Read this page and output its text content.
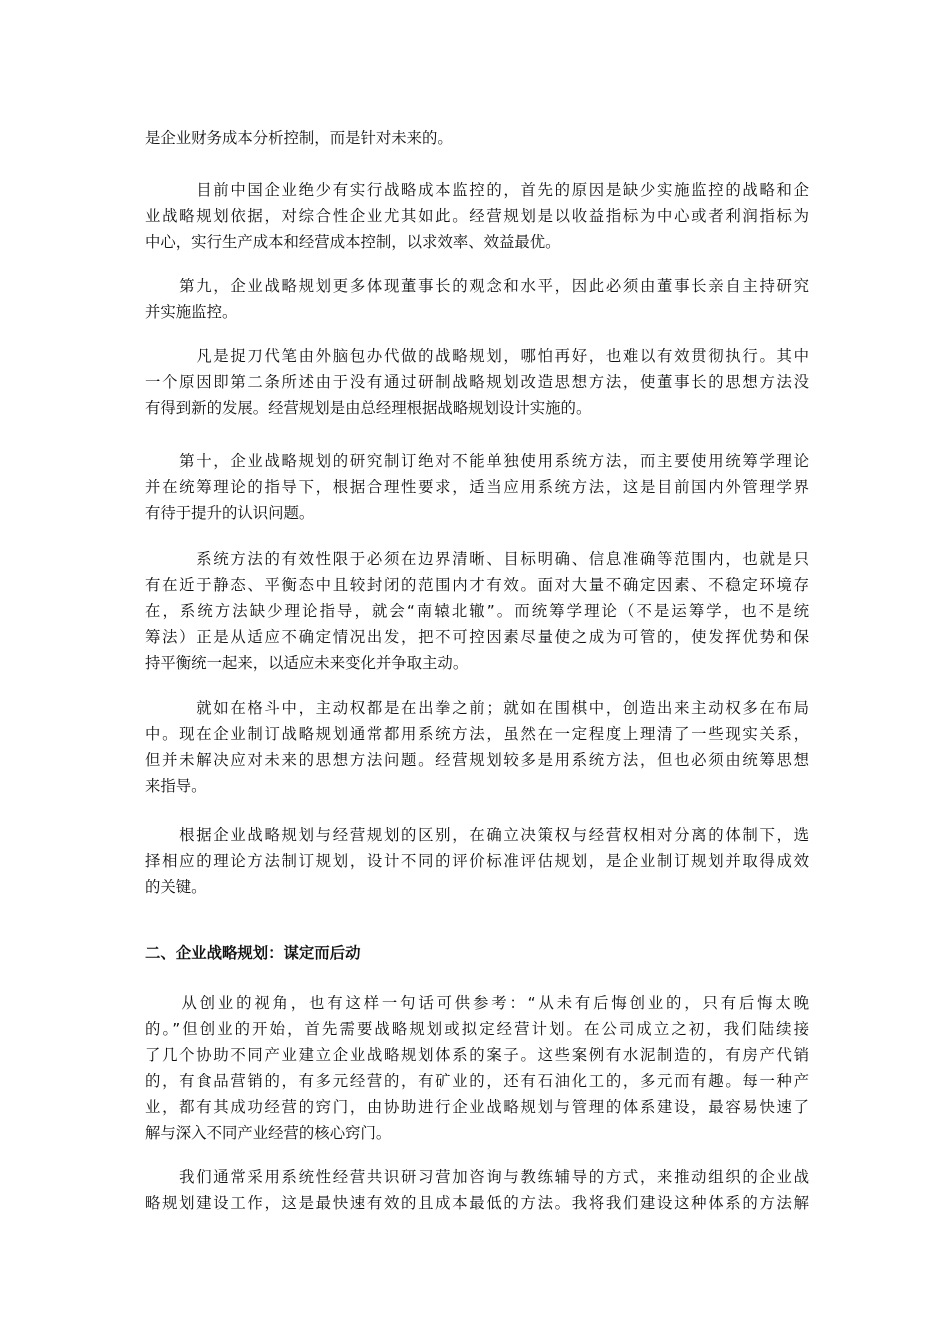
是企业财务成本分析控制，而是针对未来的。
　　　目前中国企业绝少有实行战略成本监控的，首先的原因是缺少实施监控的战略和企
业战略规划依据，对综合性企业尤其如此。经营规划是以收益指标为中心或者利润指标为
中心，实行生产成本和经营成本控制，以求效率、效益最优。
　　第九，企业战略规划更多体现董事长的观念和水平，因此必须由董事长亲自主持研究
并实施监控。
　　　凡是捉刀代笔由外脑包办代做的战略规划，哪怕再好，也难以有效贯彻执行。其中
一个原因即第二条所述由于没有通过研制战略规划改造思想方法，使董事长的思想方法没
有得到新的发展。经营规划是由总经理根据战略规划设计实施的。
　　第十，企业战略规划的研究制订绝对不能单独使用系统方法，而主要使用统筹学理论
并在统筹理论的指导下，根据合理性要求，适当应用系统方法，这是目前国内外管理学界
有待于提升的认识问题。
　　　系统方法的有效性限于必须在边界清晰、目标明确、信息准确等范围内，也就是只
有在近于静态、平衡态中且较封闭的范围内才有效。面对大量不确定因素、不稳定环境存
在，系统方法缺少理论指导，就会“南辕北辙”。而统筹学理论（不是运筹学，也不是统
筹法）正是从适应不确定情况出发，把不可控因素尽量使之成为可管的，使发挥优势和保
持平衡统一起来，以适应未来变化并争取主动。
　　　就如在格斗中，主动权都是在出拳之前；就如在围棋中，创造出来主动权多在布局
中。现在企业制订战略规划通常都用系统方法，虽然在一定程度上理清了一些现实关系，
但并未解决应对未来的思想方法问题。经营规划较多是用系统方法，但也必须由统筹思想
来指导。
　　根据企业战略规划与经营规划的区别，在确立决策权与经营权相对分离的体制下，选
择相应的理论方法制订规划，设计不同的评价标准评估规划，是企业制订规划并取得成效
的关键。
二、企业战略规划：谋定而后动
　　从创业的视角，也有这样一句话可供参考：“从未有后悔创业的，只有后悔太晚
的。”但创业的开始，首先需要战略规划或拟定经营计划。在公司成立之初，我们陆续接
了几个协助不同产业建立企业战略规划体系的案子。这些案例有水泥制造的，有房产代销
的，有食品营销的，有多元经营的，有矿业的，还有石油化工的，多元而有趣。每一种产
业，都有其成功经营的窍门，由协助进行企业战略规划与管理的体系建设，最容易快速了
解与深入不同产业经营的核心窍门。
　　我们通常采用系统性经营共识研习营加咨询与教练辅导的方式，来推动组织的企业战
略规划建设工作，这是最快速有效的且成本最低的方法。我将我们建设这种体系的方法解
